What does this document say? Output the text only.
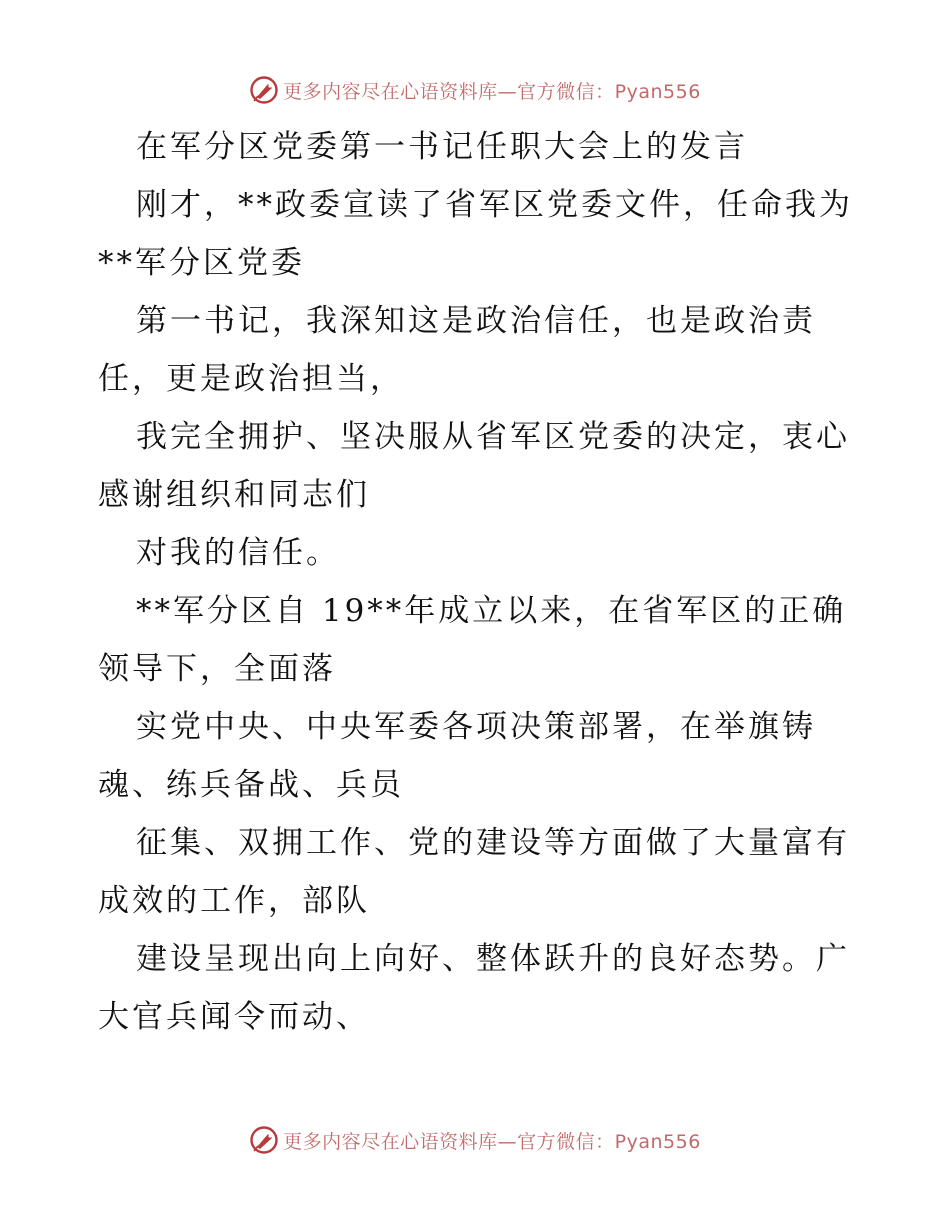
更多内容尽在心语资料库—官方微信：Pyan556
在军分区党委第一书记任职大会上的发言
刚才，**政委宣读了省军区党委文件，任命我为
**军分区党委
第一书记，我深知这是政治信任，也是政治责
任，更是政治担当，
我完全拥护、坚决服从省军区党委的决定，衷心
感谢组织和同志们
对我的信任。
**军分区自 19**年成立以来，在省军区的正确
领导下，全面落
实党中央、中央军委各项决策部署，在举旗铸
魂、练兵备战、兵员
征集、双拥工作、党的建设等方面做了大量富有
成效的工作，部队
建设呈现出向上向好、整体跃升的良好态势。广
大官兵闻令而动、
更多内容尽在心语资料库—官方微信：Pyan556
